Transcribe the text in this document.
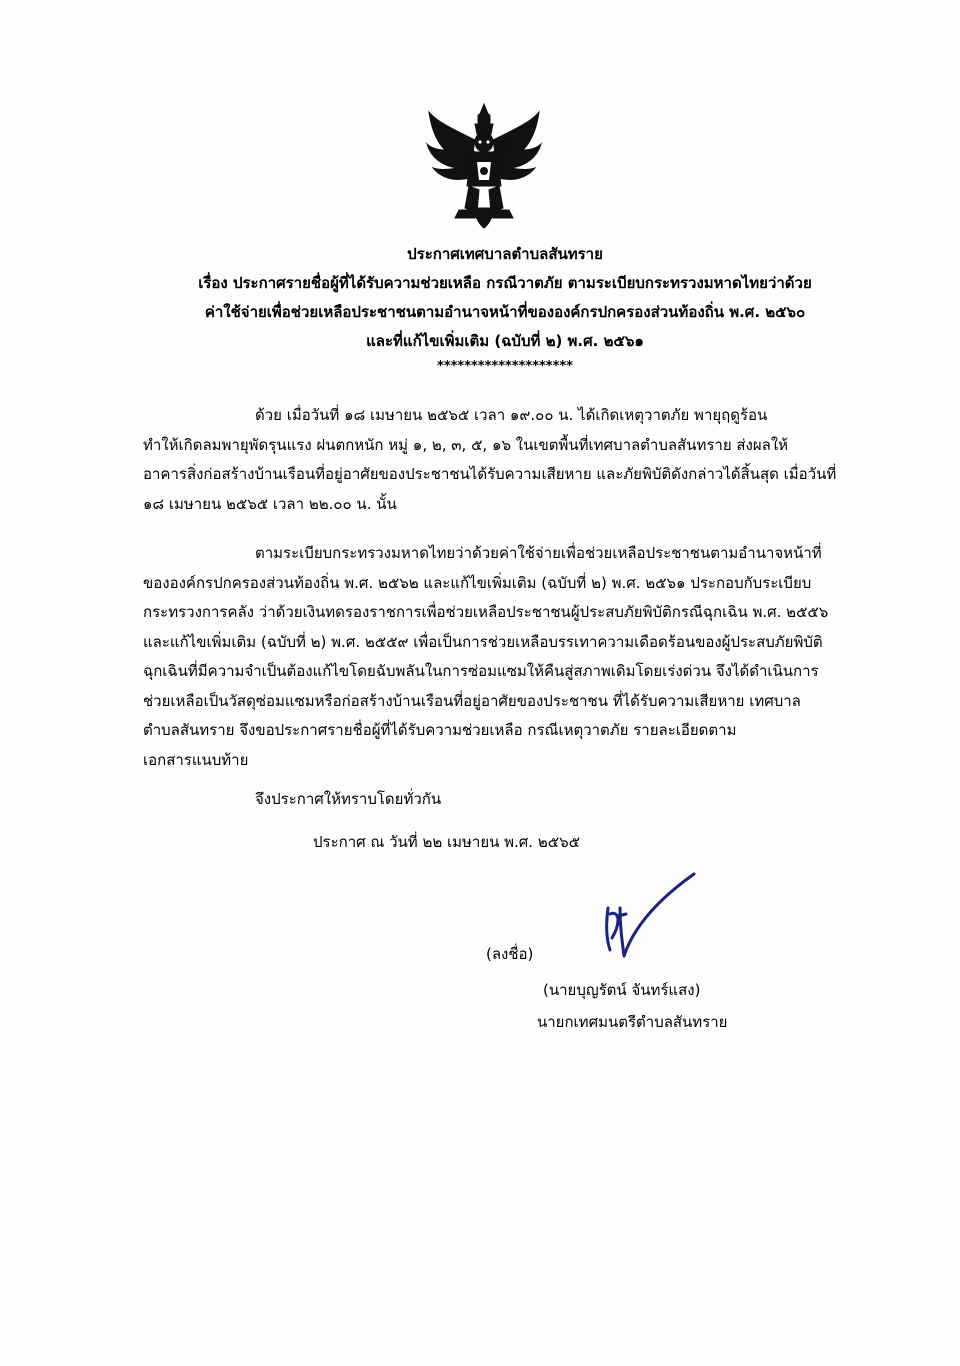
ประกาศเทศบาลตำบลสันทราย
เรื่อง ประกาศรายชื่อผู้ที่ได้รับความช่วยเหลือ กรณีวาตภัย ตามระเบียบกระทรวงมหาดไทยว่าด้วย
ค่าใช้จ่ายเพื่อช่วยเหลือประชาชนตามอำนาจหน้าที่ขององค์กรปกครองส่วนท้องถิ่น พ.ศ. ๒๕๖๐
และที่แก้ไขเพิ่มเติม (ฉบับที่ ๒) พ.ศ. ๒๕๖๑
********************
ด้วย เมื่อวันที่ ๑๘ เมษายน ๒๕๖๕ เวลา ๑๙.๐๐ น. ได้เกิดเหตุวาตภัย พายุฤดูร้อน
ทำให้เกิดลมพายุพัดรุนแรง ฝนตกหนัก หมู่ ๑, ๒, ๓, ๕, ๑๖ ในเขตพื้นที่เทศบาลตำบลสันทราย ส่งผลให้
อาคารสิ่งก่อสร้างบ้านเรือนที่อยู่อาศัยของประชาชนได้รับความเสียหาย และภัยพิบัติดังกล่าวได้สิ้นสุด เมื่อวันที่
๑๘ เมษายน ๒๕๖๕ เวลา ๒๒.๐๐ น. นั้น
ตามระเบียบกระทรวงมหาดไทยว่าด้วยค่าใช้จ่ายเพื่อช่วยเหลือประชาชนตามอำนาจหน้าที่
ขององค์กรปกครองส่วนท้องถิ่น พ.ศ. ๒๕๖๒ และแก้ไขเพิ่มเติม (ฉบับที่ ๒) พ.ศ. ๒๕๖๑ ประกอบกับระเบียบ
กระทรวงการคลัง ว่าด้วยเงินทดรองราชการเพื่อช่วยเหลือประชาชนผู้ประสบภัยพิบัติกรณีฉุกเฉิน พ.ศ. ๒๕๕๖
และแก้ไขเพิ่มเติม (ฉบับที่ ๒) พ.ศ. ๒๕๕๙ เพื่อเป็นการช่วยเหลือบรรเทาความเดือดร้อนของผู้ประสบภัยพิบัติ
ฉุกเฉินที่มีความจำเป็นต้องแก้ไขโดยฉับพลันในการซ่อมแซมให้คืนสู่สภาพเดิมโดยเร่งด่วน จึงได้ดำเนินการ
ช่วยเหลือเป็นวัสดุซ่อมแซมหรือก่อสร้างบ้านเรือนที่อยู่อาศัยของประชาชน ที่ได้รับความเสียหาย เทศบาล
ตำบลสันทราย จึงขอประกาศรายชื่อผู้ที่ได้รับความช่วยเหลือ กรณีเหตุวาตภัย รายละเอียดตาม
เอกสารแนบท้าย
จึงประกาศให้ทราบโดยทั่วกัน
ประกาศ ณ วันที่ ๒๒ เมษายน พ.ศ. ๒๕๖๕
(ลงชื่อ)
(นายบุญรัตน์ จันทร์แสง)
นายกเทศมนตรีตำบลสันทราย
